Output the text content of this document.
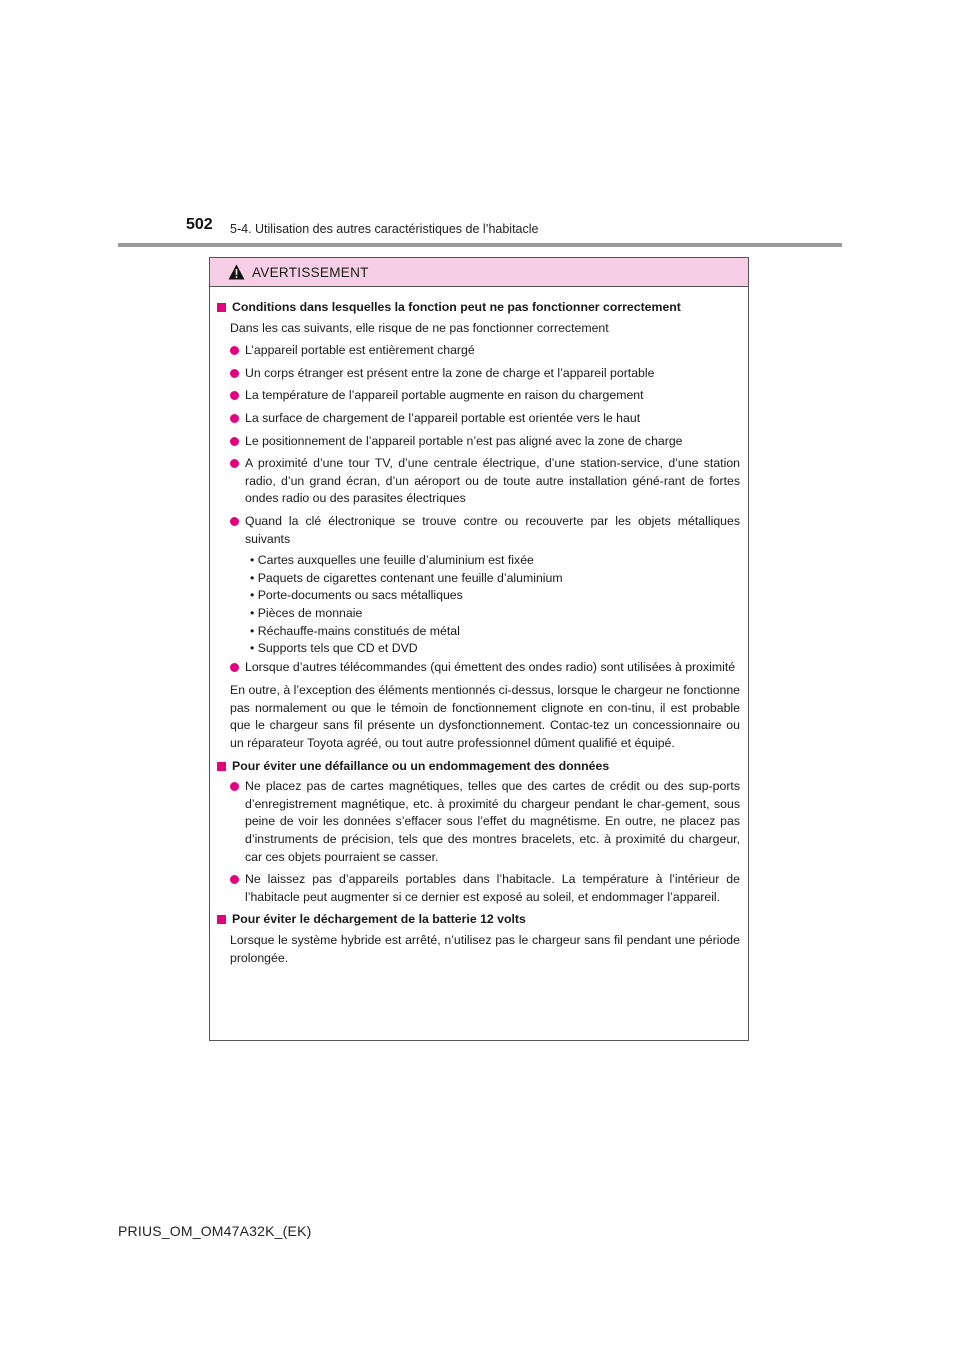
502 5-4. Utilisation des autres caractéristiques de l’habitacle
AVERTISSEMENT
Conditions dans lesquelles la fonction peut ne pas fonctionner correctement
Dans les cas suivants, elle risque de ne pas fonctionner correctement
L’appareil portable est entièrement chargé
Un corps étranger est présent entre la zone de charge et l’appareil portable
La température de l’appareil portable augmente en raison du chargement
La surface de chargement de l’appareil portable est orientée vers le haut
Le positionnement de l’appareil portable n’est pas aligné avec la zone de charge
A proximité d’une tour TV, d’une centrale électrique, d’une station-service, d’une station radio, d’un grand écran, d’un aéroport ou de toute autre installation géné-rant de fortes ondes radio ou des parasites électriques
Quand la clé électronique se trouve contre ou recouverte par les objets métalliques suivants
• Cartes auxquelles une feuille d’aluminium est fixée
• Paquets de cigarettes contenant une feuille d’aluminium
• Porte-documents ou sacs métalliques
• Pièces de monnaie
• Réchauffe-mains constitués de métal
• Supports tels que CD et DVD
Lorsque d’autres télécommandes (qui émettent des ondes radio) sont utilisées à proximité
En outre, à l’exception des éléments mentionnés ci-dessus, lorsque le chargeur ne fonctionne pas normalement ou que le témoin de fonctionnement clignote en con-tinu, il est probable que le chargeur sans fil présente un dysfonctionnement. Contac-tez un concessionnaire ou un réparateur Toyota agréé, ou tout autre professionnel dûment qualifié et équipé.
Pour éviter une défaillance ou un endommagement des données
Ne placez pas de cartes magnétiques, telles que des cartes de crédit ou des sup-ports d’enregistrement magnétique, etc. à proximité du chargeur pendant le char-gement, sous peine de voir les données s’effacer sous l’effet du magnétisme. En outre, ne placez pas d’instruments de précision, tels que des montres bracelets, etc. à proximité du chargeur, car ces objets pourraient se casser.
Ne laissez pas d’appareils portables dans l’habitacle. La température à l’intérieur de l’habitacle peut augmenter si ce dernier est exposé au soleil, et endommager l’appareil.
Pour éviter le déchargement de la batterie 12 volts
Lorsque le système hybride est arrêté, n’utilisez pas le chargeur sans fil pendant une période prolongée.
PRIUS_OM_OM47A32K_(EK)
